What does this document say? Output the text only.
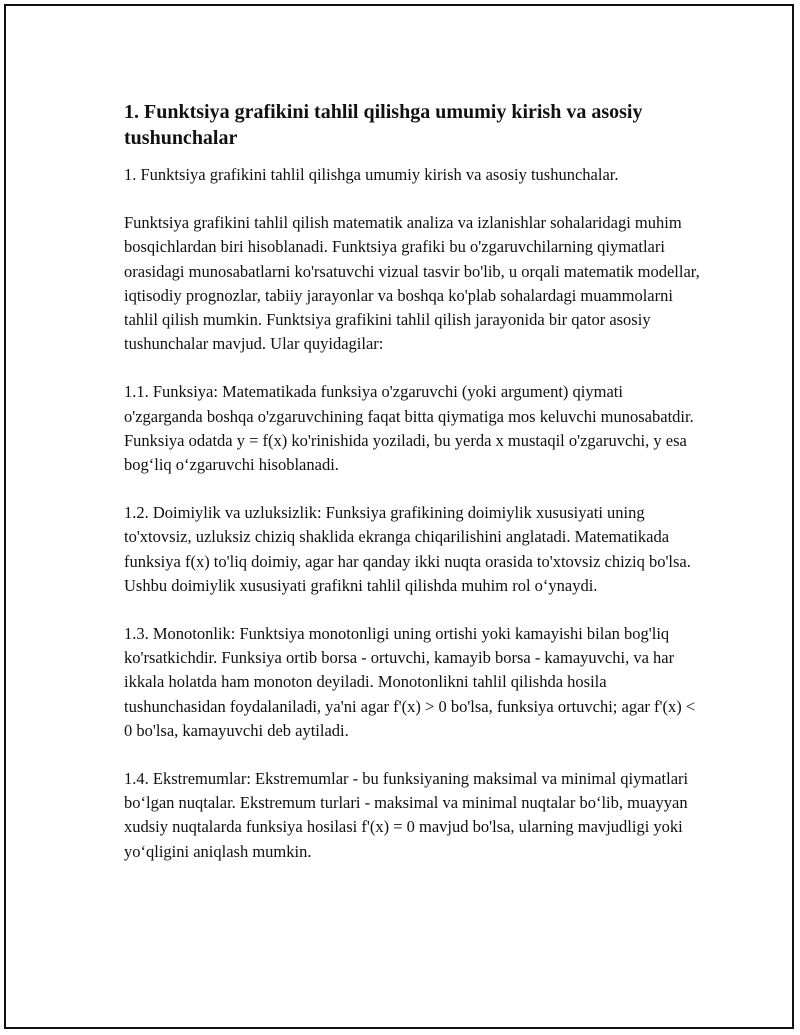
1. Funktsiya grafikini tahlil qilishga umumiy kirish va asosiy tushunchalar

1. Funktsiya grafikini tahlil qilishga umumiy kirish va asosiy tushunchalar.

Funktsiya grafikini tahlil qilish matematik analiza va izlanishlar sohalaridagi muhim bosqichlardan biri hisoblanadi. Funktsiya grafiki bu o'zgaruvchilarning qiymatlari orasidagi munosabatlarni ko'rsatuvchi vizual tasvir bo'lib, u orqali matematik modellar, iqtisodiy prognozlar, tabiiy jarayonlar va boshqa ko'plab sohalardagi muammolarni tahlil qilish mumkin. Funktsiya grafikini tahlil qilish jarayonida bir qator asosiy tushunchalar mavjud. Ular quyidagilar:

1.1. Funksiya: Matematikada funksiya o'zgaruvchi (yoki argument) qiymati o'zgarganda boshqa o'zgaruvchining faqat bitta qiymatiga mos keluvchi munosabatdir. Funksiya odatda y = f(x) ko'rinishida yoziladi, bu yerda x mustaqil o'zgaruvchi, y esa bog‘liq o‘zgaruvchi hisoblanadi.

1.2. Doimiylik va uzluksizlik: Funksiya grafikining doimiylik xususiyati uning to'xtovsiz, uzluksiz chiziq shaklida ekranga chiqarilishini anglatadi. Matematikada funksiya f(x) to'liq doimiy, agar har qanday ikki nuqta orasida to'xtovsiz chiziq bo'lsa. Ushbu doimiylik xususiyati grafikni tahlil qilishda muhim rol o‘ynaydi.

1.3. Monotonlik: Funktsiya monotonligi uning ortishi yoki kamayishi bilan bog'liq ko'rsatkichdir. Funksiya ortib borsa - ortuvchi, kamayib borsa - kamayuvchi, va har ikkala holatda ham monoton deyiladi. Monotonlikni tahlil qilishda hosila tushunchasidan foydalaniladi, ya'ni agar f'(x) > 0 bo'lsa, funksiya ortuvchi; agar f'(x) < 0 bo'lsa, kamayuvchi deb aytiladi.

1.4. Ekstremumlar: Ekstremumlar - bu funksiyaning maksimal va minimal qiymatlari bo‘lgan nuqtalar. Ekstremum turlari - maksimal va minimal nuqtalar bo‘lib, muayyan xudsiy nuqtalarda funksiya hosilasi f'(x) = 0 mavjud bo'lsa, ularning mavjudligi yoki yo‘qligini aniqlash mumkin.
